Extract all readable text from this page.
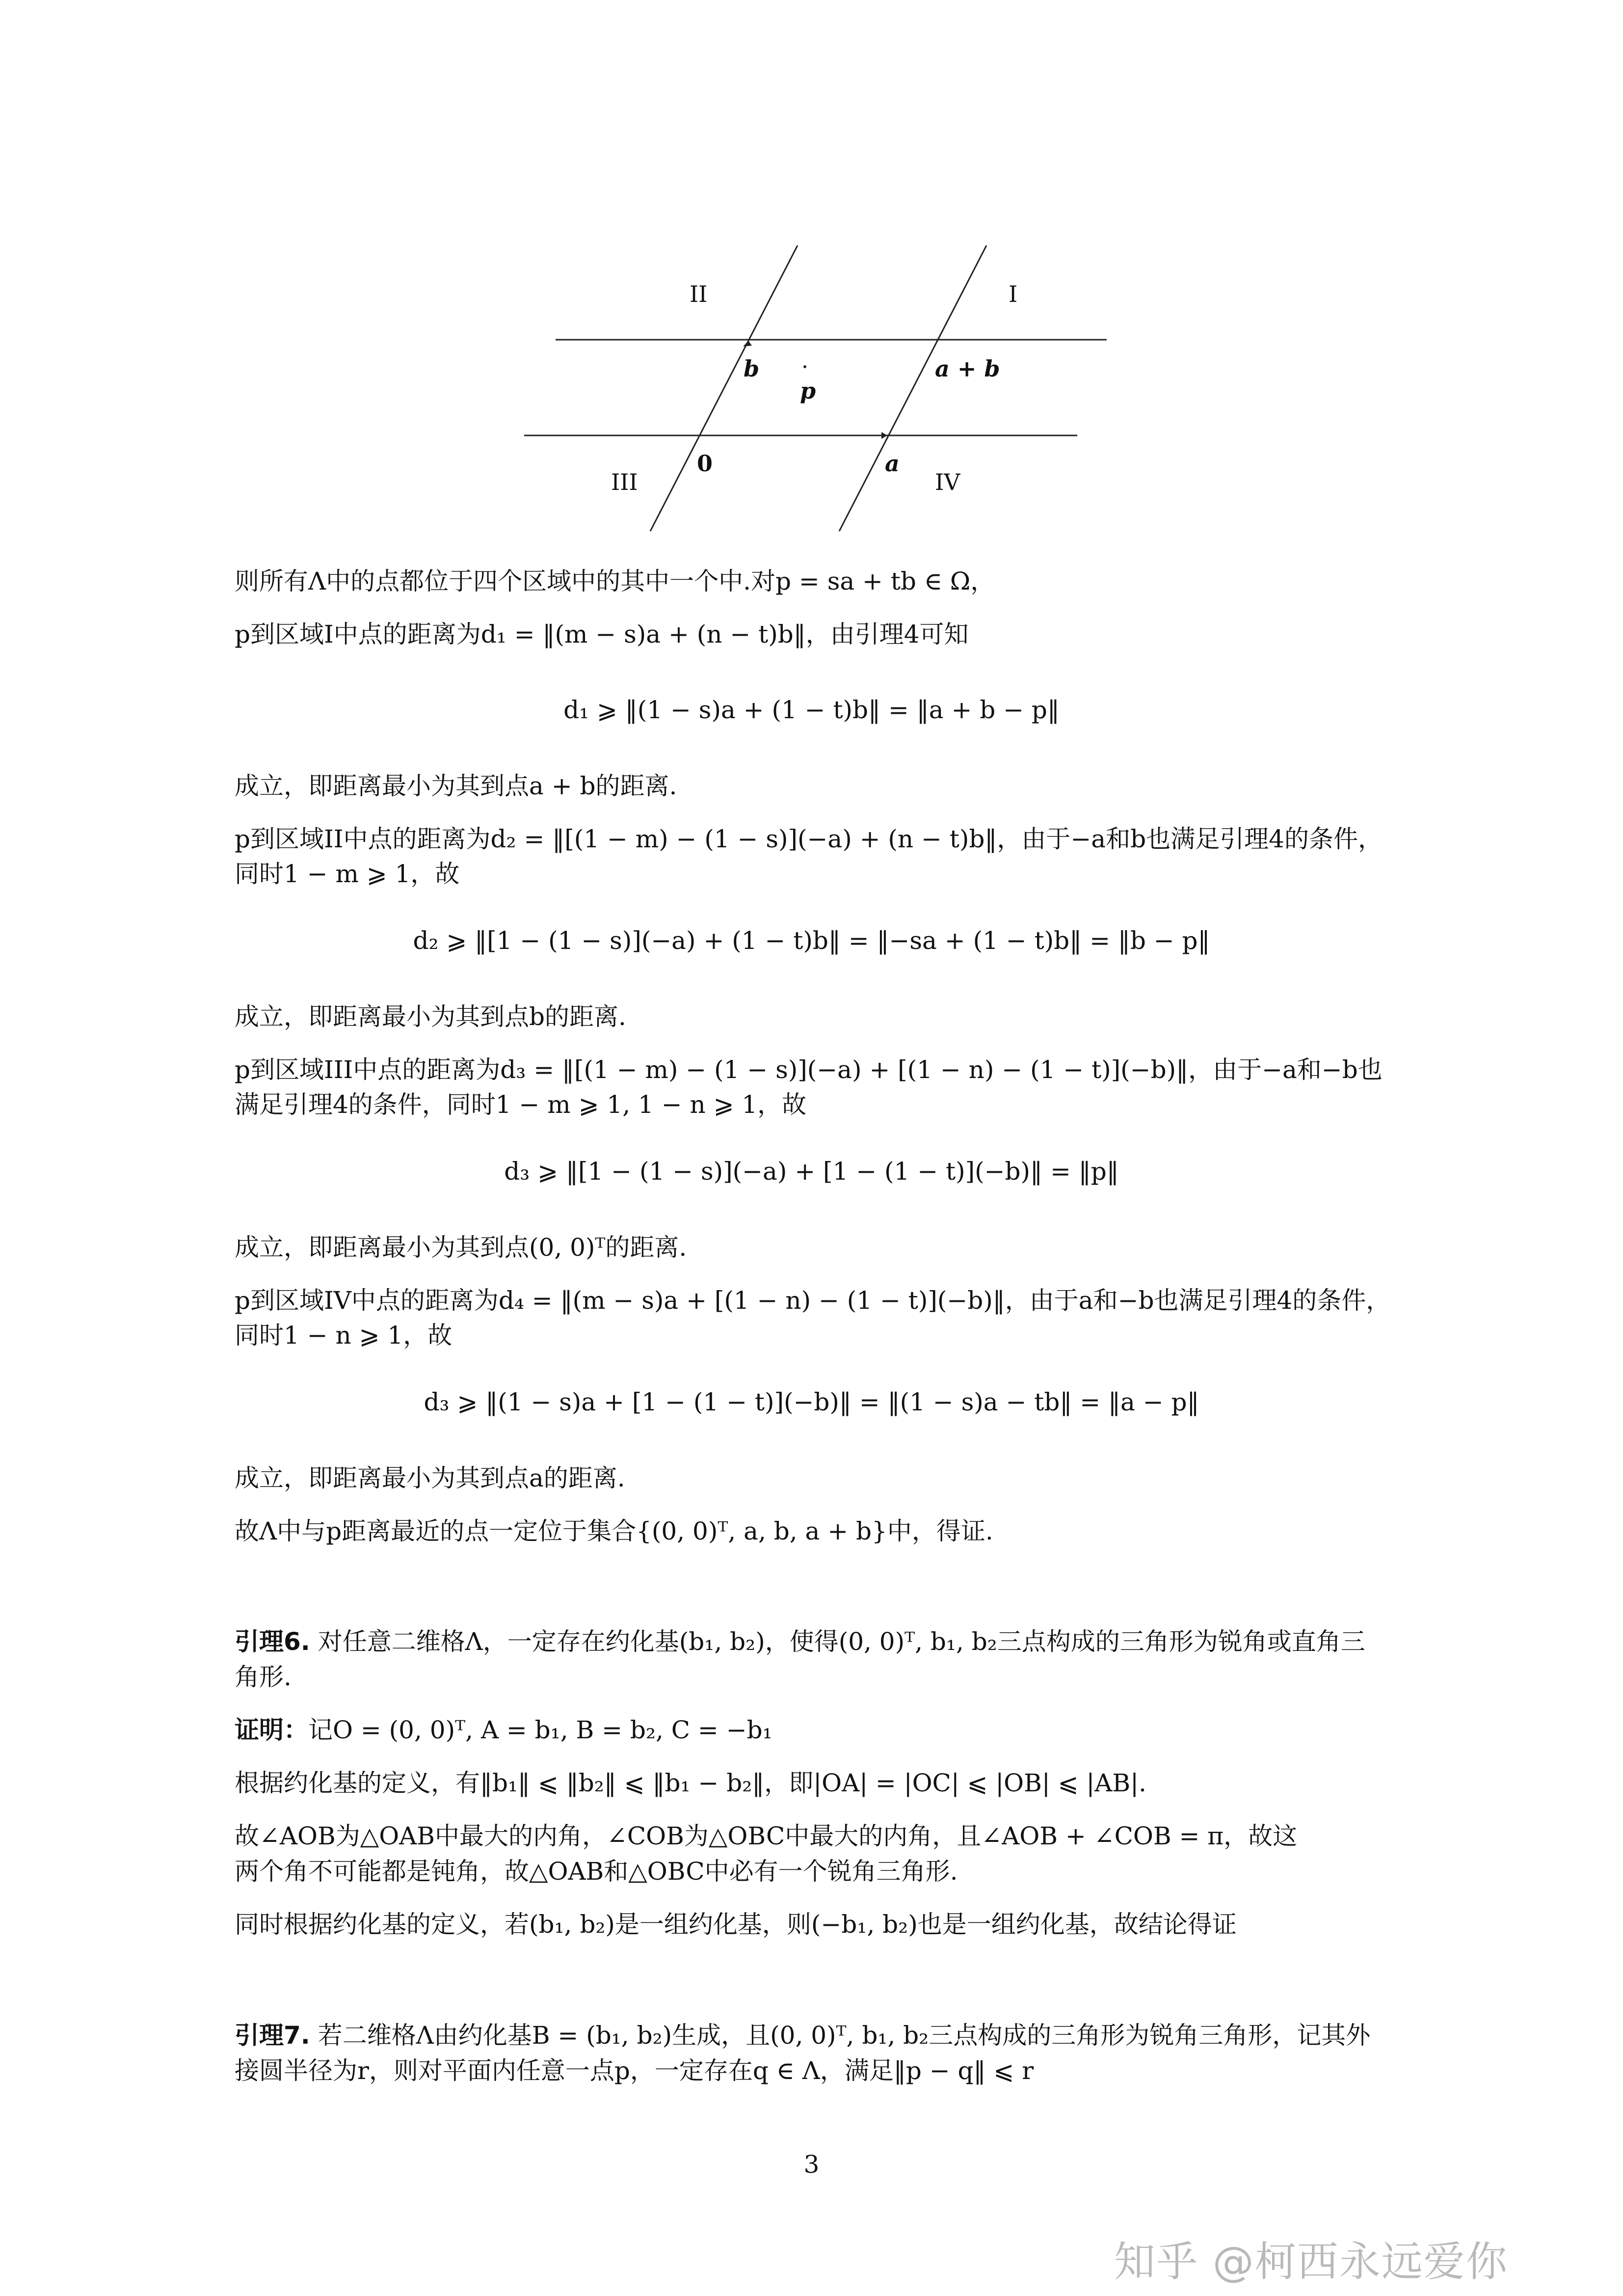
II	I
III	IV
b
p
a + b
0	a
则所有Λ中的点都位于四个区域中的其中一个中.对p = sa + tb ∈ Ω，
p到区域I中点的距离为d₁ = ‖(m − s)a + (n − t)b‖，由引理4可知
d₁ ⩾ ‖(1 − s)a + (1 − t)b‖ = ‖a + b − p‖
成立，即距离最小为其到点a + b的距离.
p到区域II中点的距离为d₂ = ‖[(1 − m) − (1 − s)](−a) + (n − t)b‖，由于−a和b也满足引理4的条件，
同时1 − m ⩾ 1，故
d₂ ⩾ ‖[1 − (1 − s)](−a) + (1 − t)b‖ = ‖−sa + (1 − t)b‖ = ‖b − p‖
成立，即距离最小为其到点b的距离.
p到区域III中点的距离为d₃ = ‖[(1 − m) − (1 − s)](−a) + [(1 − n) − (1 − t)](−b)‖，由于−a和−b也
满足引理4的条件，同时1 − m ⩾ 1, 1 − n ⩾ 1，故
d₃ ⩾ ‖[1 − (1 − s)](−a) + [1 − (1 − t)](−b)‖ = ‖p‖
成立，即距离最小为其到点(0, 0)ᵀ的距离.
p到区域IV中点的距离为d₄ = ‖(m − s)a + [(1 − n) − (1 − t)](−b)‖，由于a和−b也满足引理4的条件，
同时1 − n ⩾ 1，故
d₃ ⩾ ‖(1 − s)a + [1 − (1 − t)](−b)‖ = ‖(1 − s)a − tb‖ = ‖a − p‖
成立，即距离最小为其到点a的距离.
故Λ中与p距离最近的点一定位于集合{(0, 0)ᵀ, a, b, a + b}中，得证.
引理6. 对任意二维格Λ，一定存在约化基(b₁, b₂)，使得(0, 0)ᵀ, b₁, b₂三点构成的三角形为锐角或直角三
角形.
证明：记O = (0, 0)ᵀ, A = b₁, B = b₂, C = −b₁
根据约化基的定义，有‖b₁‖ ⩽ ‖b₂‖ ⩽ ‖b₁ − b₂‖，即|OA| = |OC| ⩽ |OB| ⩽ |AB|.
故∠AOB为△OAB中最大的内角，∠COB为△OBC中最大的内角，且∠AOB + ∠COB = π，故这
两个角不可能都是钝角，故△OAB和△OBC中必有一个锐角三角形.
同时根据约化基的定义，若(b₁, b₂)是一组约化基，则(−b₁, b₂)也是一组约化基，故结论得证
引理7. 若二维格Λ由约化基B = (b₁, b₂)生成，且(0, 0)ᵀ, b₁, b₂三点构成的三角形为锐角三角形，记其外
接圆半径为r，则对平面内任意一点p，一定存在q ∈ Λ，满足‖p − q‖ ⩽ r
3
知乎 @柯西永远爱你
